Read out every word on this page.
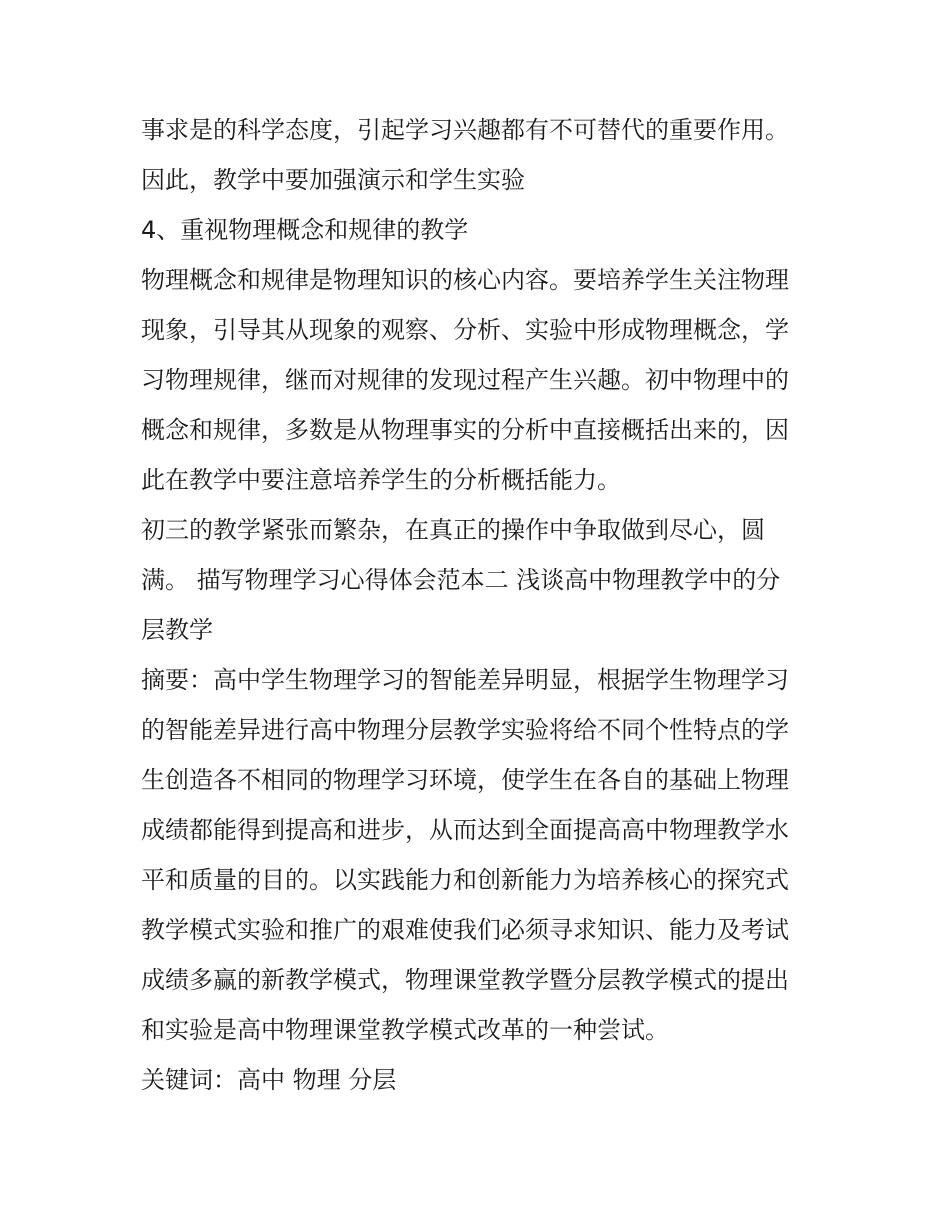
事求是的科学态度，引起学习兴趣都有不可替代的重要作用。
因此，教学中要加强演示和学生实验
4、重视物理概念和规律的教学
物理概念和规律是物理知识的核心内容。要培养学生关注物理
现象，引导其从现象的观察、分析、实验中形成物理概念，学
习物理规律，继而对规律的发现过程产生兴趣。初中物理中的
概念和规律，多数是从物理事实的分析中直接概括出来的，因
此在教学中要注意培养学生的分析概括能力。
初三的教学紧张而繁杂，在真正的操作中争取做到尽心，圆
满。 描写物理学习心得体会范本二 浅谈高中物理教学中的分
层教学
摘要：高中学生物理学习的智能差异明显，根据学生物理学习
的智能差异进行高中物理分层教学实验将给不同个性特点的学
生创造各不相同的物理学习环境，使学生在各自的基础上物理
成绩都能得到提高和进步，从而达到全面提高高中物理教学水
平和质量的目的。以实践能力和创新能力为培养核心的探究式
教学模式实验和推广的艰难使我们必须寻求知识、能力及考试
成绩多赢的新教学模式，物理课堂教学暨分层教学模式的提出
和实验是高中物理课堂教学模式改革的一种尝试。
关键词：高中 物理 分层
